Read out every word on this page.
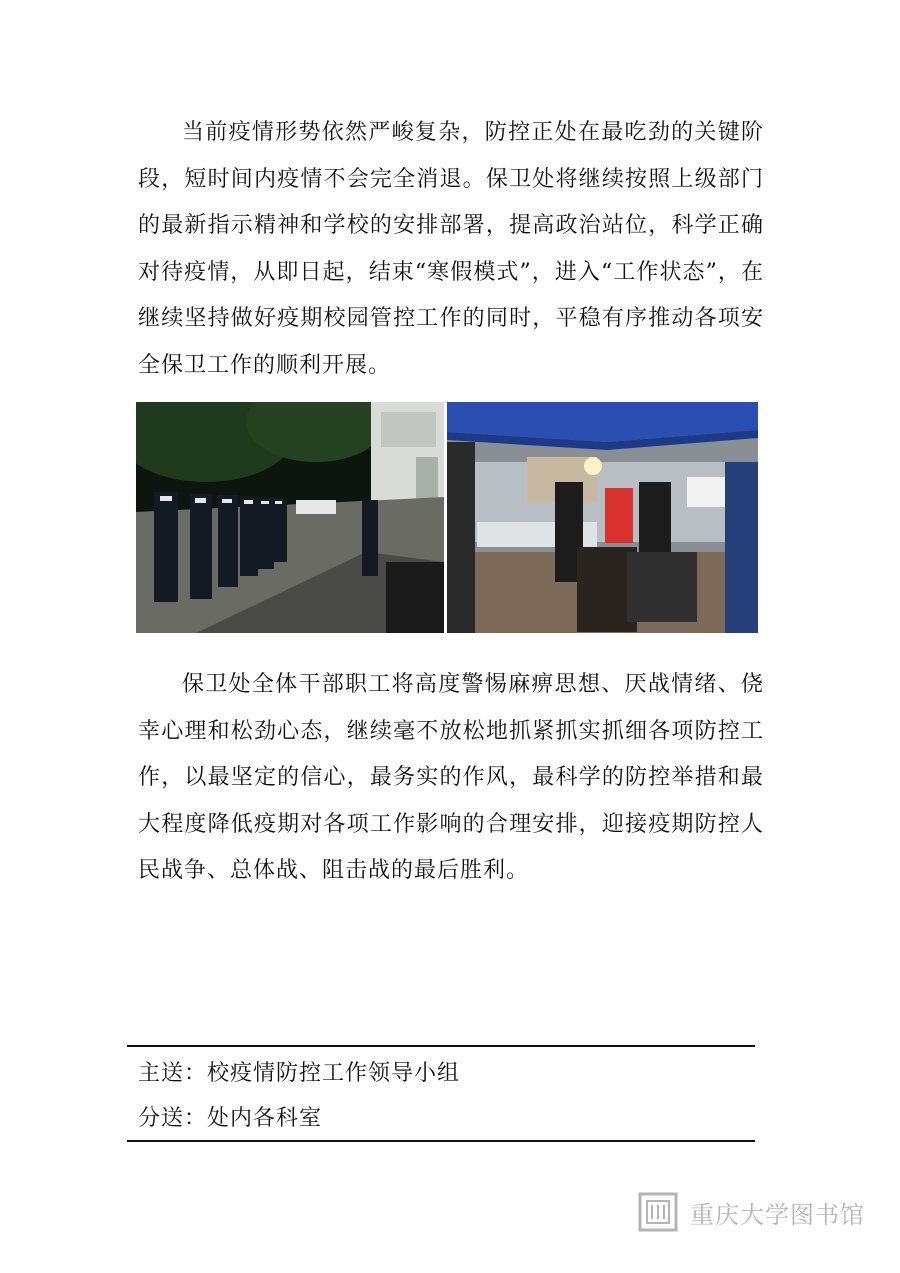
当前疫情形势依然严峻复杂，防控正处在最吃劲的关键阶段，短时间内疫情不会完全消退。保卫处将继续按照上级部门的最新指示精神和学校的安排部署，提高政治站位，科学正确对待疫情，从即日起，结束“寒假模式”，进入“工作状态”，在继续坚持做好疫期校园管控工作的同时，平稳有序推动各项安全保卫工作的顺利开展。

保卫处全体干部职工将高度警惕麻痹思想、厌战情绪、侥幸心理和松劲心态，继续毫不放松地抓紧抓实抓细各项防控工作，以最坚定的信心，最务实的作风，最科学的防控举措和最大程度降低疫期对各项工作影响的合理安排，迎接疫期防控人民战争、总体战、阻击战的最后胜利。

主送：校疫情防控工作领导小组
分送：处内各科室
重庆大学图书馆
